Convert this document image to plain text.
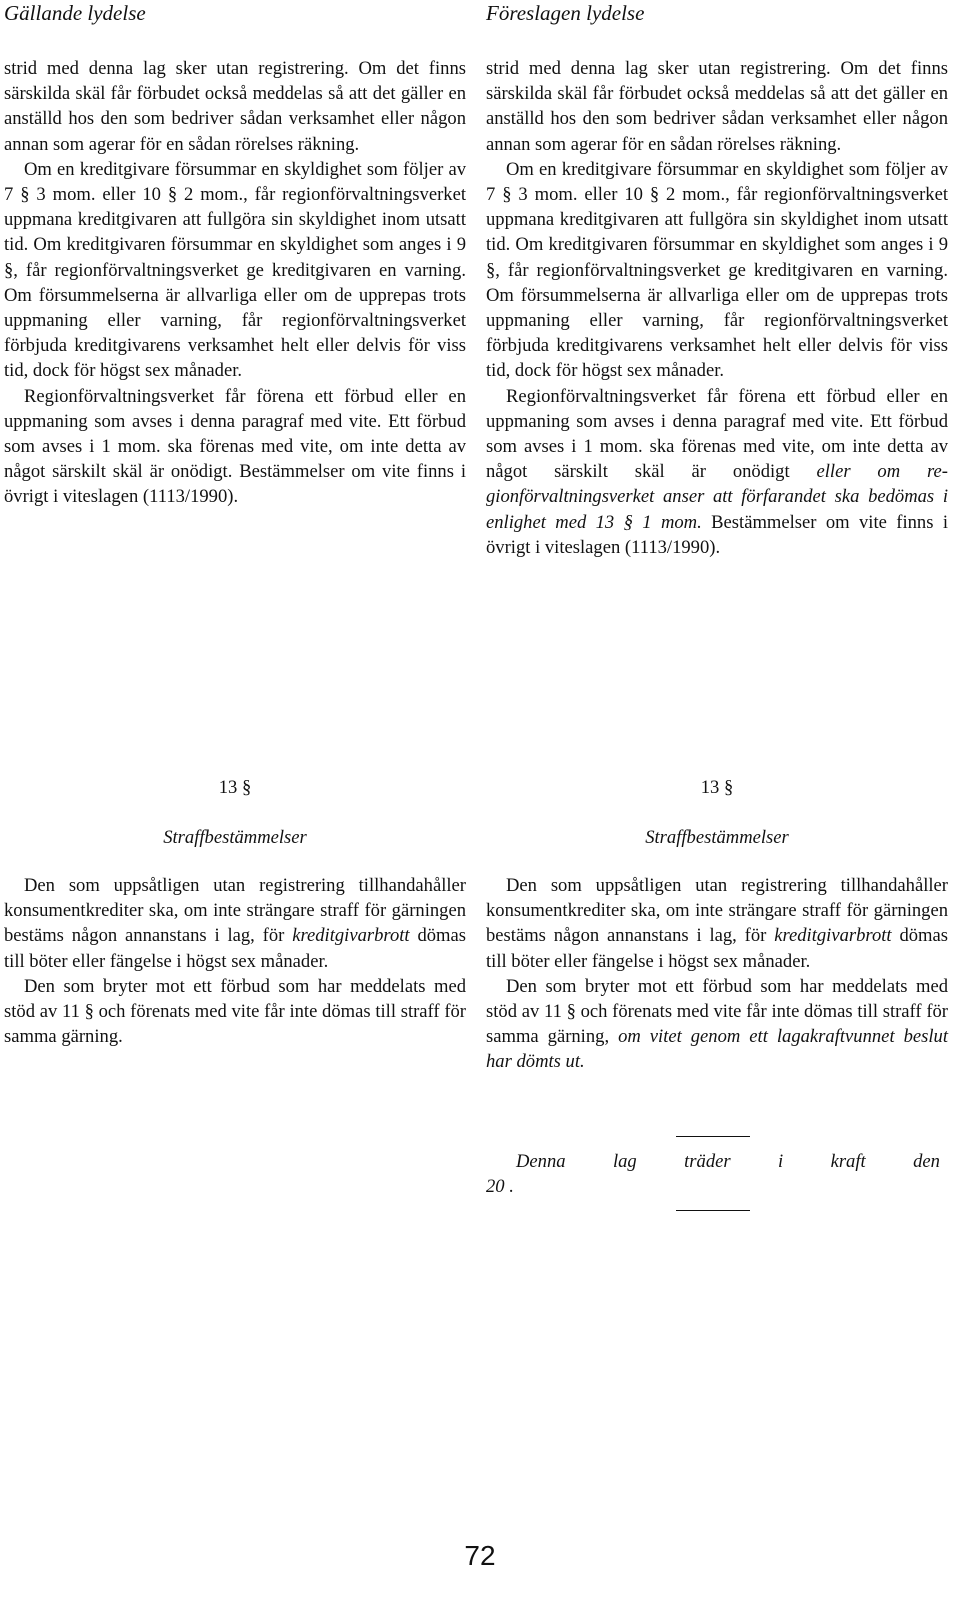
Gällande lydelse	Föreslagen lydelse

strid med denna lag sker utan registrering. Om det finns särskilda skäl får förbudet också meddelas så att det gäller en anställd hos den som bedriver sådan verksamhet eller någon annan som agerar för en sådan rörelses räkning.

Om en kreditgivare försummar en skyldighet som följer av 7 § 3 mom. eller 10 § 2 mom., får regionförvaltningsverket uppmana kreditgivaren att fullgöra sin skyldighet inom utsatt tid. Om kreditgivaren försummar en skyldighet som anges i 9 §, får regionförvaltningsverket ge kreditgivaren en varning. Om försummelserna är allvarliga eller om de upprepas trots uppmaning eller varning, får regionförvaltningsverket förbjuda kreditgivarens verksamhet helt eller delvis för viss tid, dock för högst sex månader.

Regionförvaltningsverket får förena ett förbud eller en uppmaning som avses i denna paragraf med vite. Ett förbud som avses i 1 mom. ska förenas med vite, om inte detta av något särskilt skäl är onödigt. Bestämmelser om vite finns i övrigt i viteslagen (1113/1990).

strid med denna lag sker utan registrering. Om det finns särskilda skäl får förbudet också meddelas så att det gäller en anställd hos den som bedriver sådan verksamhet eller någon annan som agerar för en sådan rörelses räkning.

Om en kreditgivare försummar en skyldighet som följer av 7 § 3 mom. eller 10 § 2 mom., får regionförvaltningsverket uppmana kreditgivaren att fullgöra sin skyldighet inom utsatt tid. Om kreditgivaren försummar en skyldighet som anges i 9 §, får regionförvaltningsverket ge kreditgivaren en varning. Om försummelserna är allvarliga eller om de upprepas trots uppmaning eller varning, får regionförvaltningsverket förbjuda kreditgivarens verksamhet helt eller delvis för viss tid, dock för högst sex månader.

Regionförvaltningsverket får förena ett förbud eller en uppmaning som avses i denna paragraf med vite. Ett förbud som avses i 1 mom. ska förenas med vite, om inte detta av något särskilt skäl är onödigt eller om regionförvaltningsverket anser att förfarandet ska bedömas i enlighet med 13 § 1 mom. Bestämmelser om vite finns i övrigt i viteslagen (1113/1990).

13 §
Straffbestämmelser
13 §
Straffbestämmelser

Den som uppsåtligen utan registrering tillhandahåller konsumentkrediter ska, om inte strängare straff för gärningen bestäms någon annanstans i lag, för kreditgivarbrott dömas till böter eller fängelse i högst sex månader.

Den som bryter mot ett förbud som har meddelats med stöd av 11 § och förenats med vite får inte dömas till straff för samma gärning.

Den som uppsåtligen utan registrering tillhandahåller konsumentkrediter ska, om inte strängare straff för gärningen bestäms någon annanstans i lag, för kreditgivarbrott dömas till böter eller fängelse i högst sex månader.

Den som bryter mot ett förbud som har meddelats med stöd av 11 § och förenats med vite får inte dömas till straff för samma gärning, om vitet genom ett lagakraftvunnet beslut har dömts ut.

Denna	lag	träder	i	kraft	den
20 .
72
